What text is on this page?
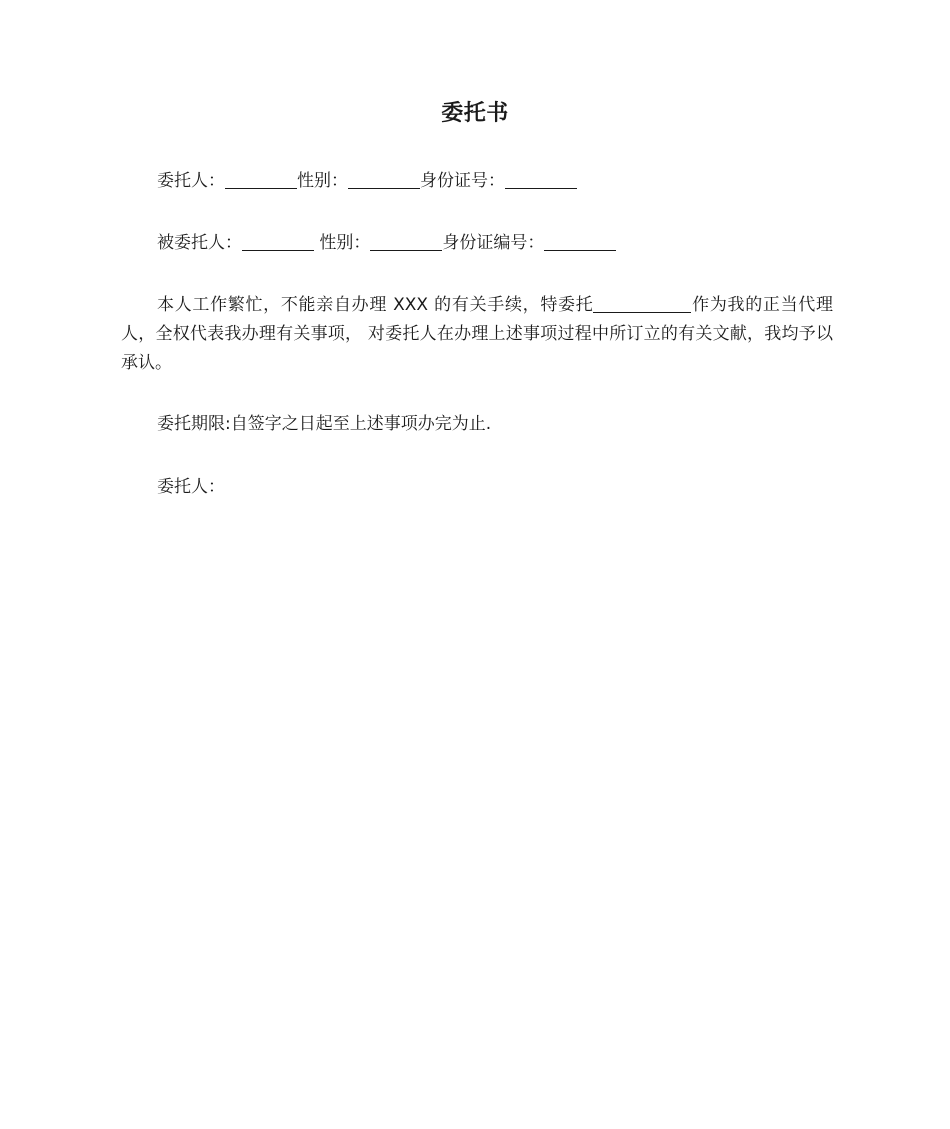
委托书
委托人：	性别：	身份证号：
被委托人：	性别：	身份证编号：
本人工作繁忙，不能亲自办理 XXX 的有关手续，特委托	作为我的正当代理人，全权代表我办理有关事项， 对委托人在办理上述事项过程中所订立的有关文献，我均予以承认。
委托期限:自签字之日起至上述事项办完为止.
委托人：
